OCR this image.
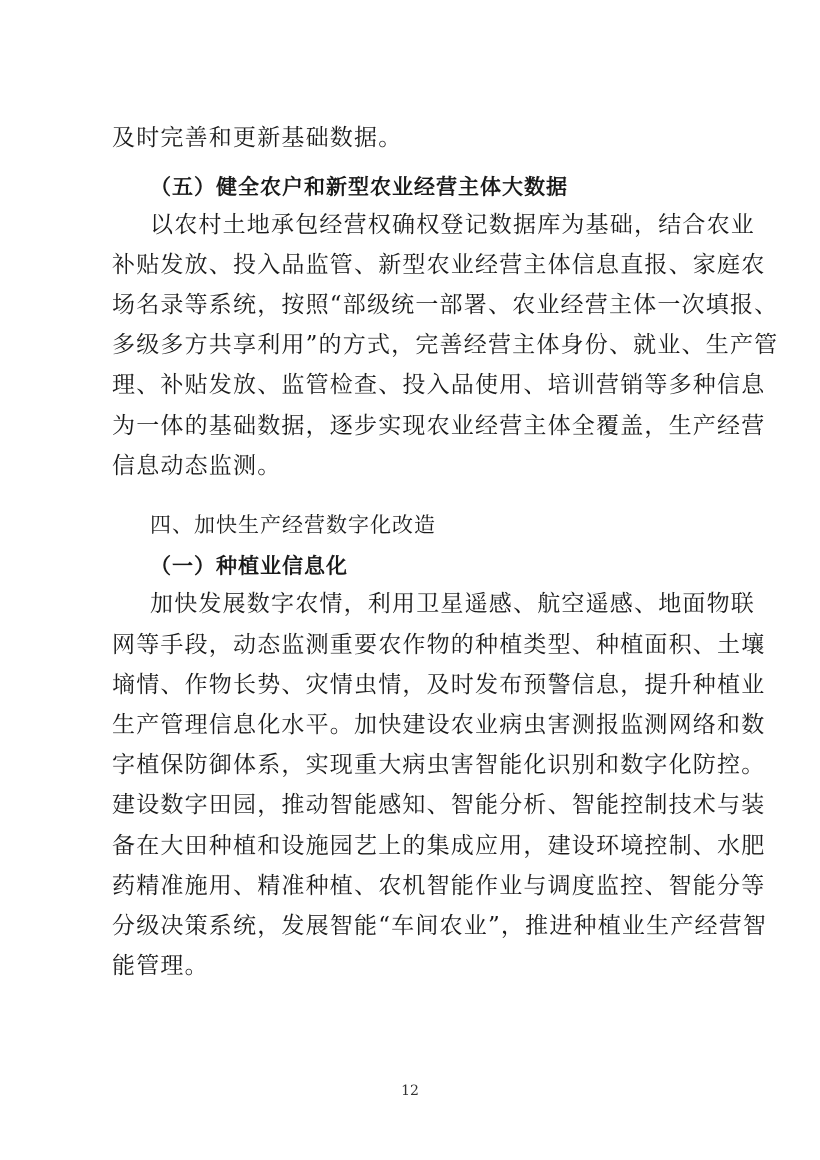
及时完善和更新基础数据。
（五）健全农户和新型农业经营主体大数据
以农村土地承包经营权确权登记数据库为基础，结合农业
补贴发放、投入品监管、新型农业经营主体信息直报、家庭农
场名录等系统，按照“部级统一部署、农业经营主体一次填报、
多级多方共享利用”的方式，完善经营主体身份、就业、生产管
理、补贴发放、监管检查、投入品使用、培训营销等多种信息
为一体的基础数据，逐步实现农业经营主体全覆盖，生产经营
信息动态监测。
四、加快生产经营数字化改造
（一）种植业信息化
加快发展数字农情，利用卫星遥感、航空遥感、地面物联
网等手段，动态监测重要农作物的种植类型、种植面积、土壤
墒情、作物长势、灾情虫情，及时发布预警信息，提升种植业
生产管理信息化水平。加快建设农业病虫害测报监测网络和数
字植保防御体系，实现重大病虫害智能化识别和数字化防控。
建设数字田园，推动智能感知、智能分析、智能控制技术与装
备在大田种植和设施园艺上的集成应用，建设环境控制、水肥
药精准施用、精准种植、农机智能作业与调度监控、智能分等
分级决策系统，发展智能“车间农业”，推进种植业生产经营智
能管理。
12
